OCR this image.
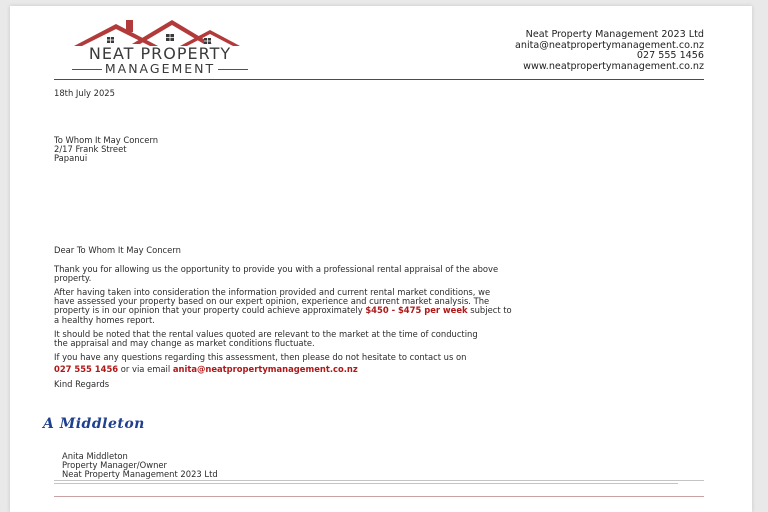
NEAT PROPERTY
MANAGEMENT
Neat Property Management 2023 Ltd
anita@neatpropertymanagement.co.nz
027 555 1456
www.neatpropertymanagement.co.nz
18th July 2025
To Whom It May Concern
2/17 Frank Street
Papanui
Dear To Whom It May Concern
Thank you for allowing us the opportunity to provide you with a professional rental appraisal of the above
property.
After having taken into consideration the information provided and current rental market conditions, we
have assessed your property based on our expert opinion, experience and current market analysis. The
property is in our opinion that your property could achieve approximately $450 - $475 per week subject to
a healthy homes report.
It should be noted that the rental values quoted are relevant to the market at the time of conducting
the appraisal and may change as market conditions fluctuate.
If you have any questions regarding this assessment, then please do not hesitate to contact us on
027 555 1456 or via email anita@neatpropertymanagement.co.nz
Kind Regards
A Middleton
Anita Middleton
Property Manager/Owner
Neat Property Management 2023 Ltd
